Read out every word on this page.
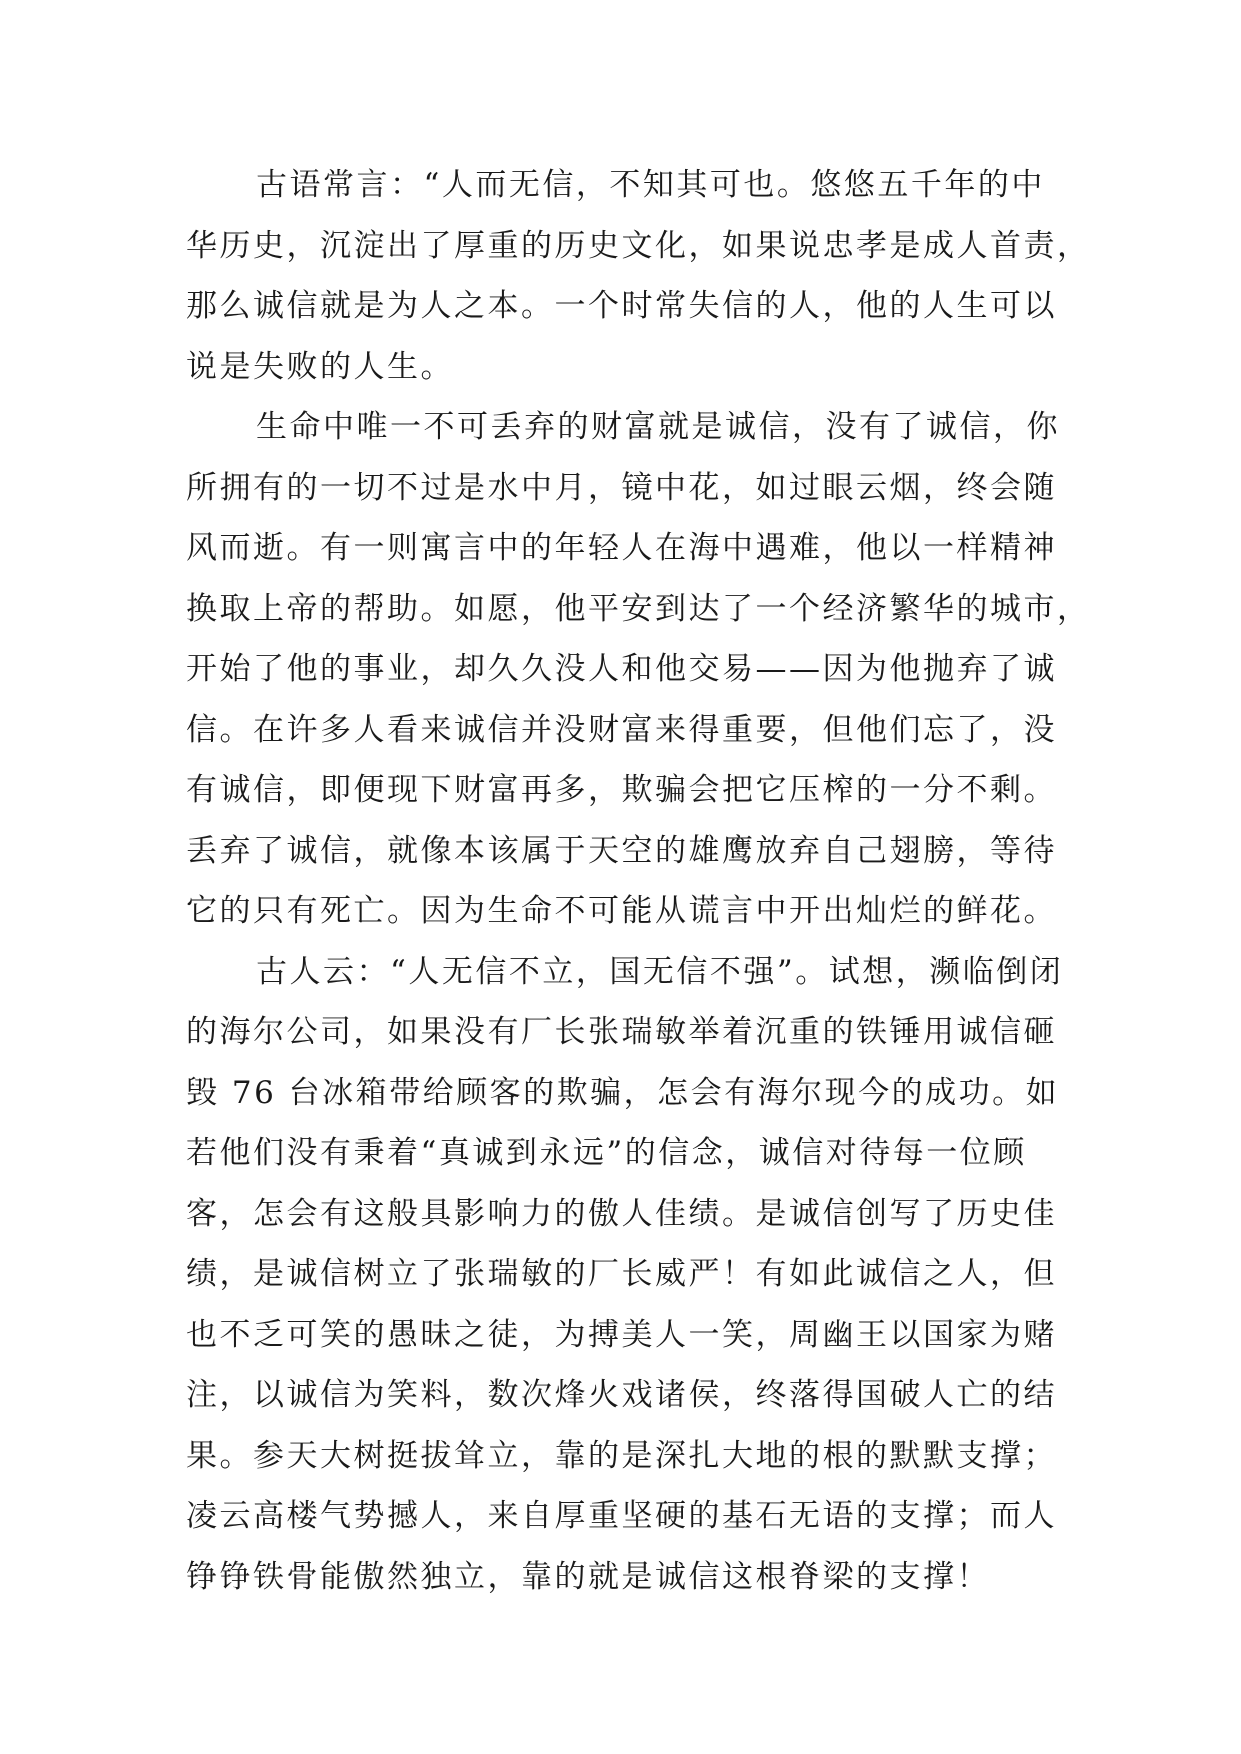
古语常言：“人而无信，不知其可也。悠悠五千年的中
华历史，沉淀出了厚重的历史文化，如果说忠孝是成人首责，
那么诚信就是为人之本。一个时常失信的人，他的人生可以
说是失败的人生。
生命中唯一不可丢弃的财富就是诚信，没有了诚信，你
所拥有的一切不过是水中月，镜中花，如过眼云烟，终会随
风而逝。有一则寓言中的年轻人在海中遇难，他以一样精神
换取上帝的帮助。如愿，他平安到达了一个经济繁华的城市，
开始了他的事业，却久久没人和他交易——因为他抛弃了诚
信。在许多人看来诚信并没财富来得重要，但他们忘了，没
有诚信，即便现下财富再多，欺骗会把它压榨的一分不剩。
丢弃了诚信，就像本该属于天空的雄鹰放弃自己翅膀，等待
它的只有死亡。因为生命不可能从谎言中开出灿烂的鲜花。
古人云：“人无信不立，国无信不强”。试想，濒临倒闭
的海尔公司，如果没有厂长张瑞敏举着沉重的铁锤用诚信砸
毁 76 台冰箱带给顾客的欺骗，怎会有海尔现今的成功。如
若他们没有秉着“真诚到永远”的信念，诚信对待每一位顾
客，怎会有这般具影响力的傲人佳绩。是诚信创写了历史佳
绩，是诚信树立了张瑞敏的厂长威严！有如此诚信之人，但
也不乏可笑的愚昧之徒，为搏美人一笑，周幽王以国家为赌
注，以诚信为笑料，数次烽火戏诸侯，终落得国破人亡的结
果。参天大树挺拔耸立，靠的是深扎大地的根的默默支撑；
凌云高楼气势撼人，来自厚重坚硬的基石无语的支撑；而人
铮铮铁骨能傲然独立，靠的就是诚信这根脊梁的支撑！
